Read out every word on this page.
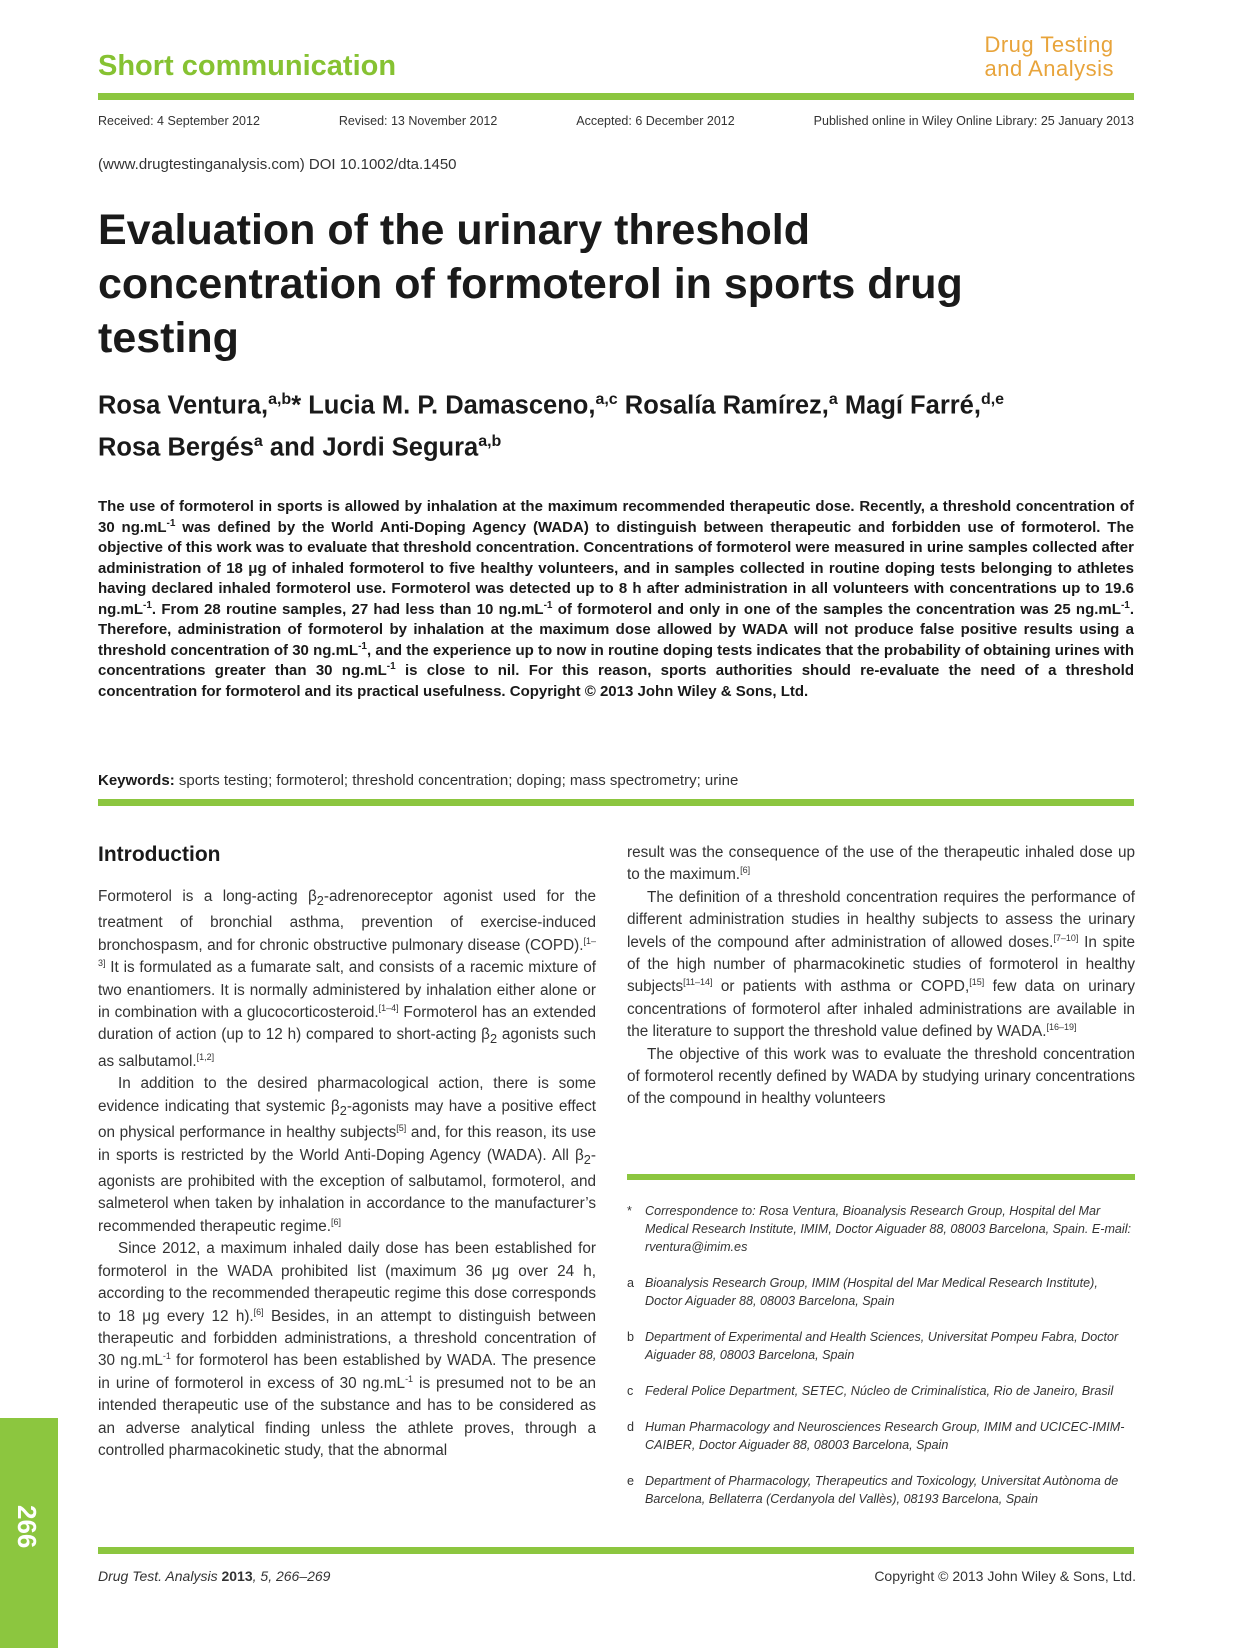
Short communication
Drug Testing
and Analysis
Received: 4 September 2012	Revised: 13 November 2012	Accepted: 6 December 2012	Published online in Wiley Online Library: 25 January 2013
(www.drugtestinganalysis.com) DOI 10.1002/dta.1450
Evaluation of the urinary threshold concentration of formoterol in sports drug testing
Rosa Ventura,$^{a,b}$* Lucia M. P. Damasceno,$^{a,c}$ Rosalía Ramírez,$^a$ Magí Farré,$^{d,e}$
Rosa Bergés$^a$ and Jordi Segura$^{a,b}$
The use of formoterol in sports is allowed by inhalation at the maximum recommended therapeutic dose. Recently, a threshold concentration of 30 $ng.mL^{-1}$ was defined by the World Anti-Doping Agency (WADA) to distinguish between therapeutic and forbidden use of formoterol. The objective of this work was to evaluate that threshold concentration. Concentrations of formoterol were measured in urine samples collected after administration of 18 μg of inhaled formoterol to five healthy volunteers, and in samples collected in routine doping tests belonging to athletes having declared inhaled formoterol use. Formoterol was detected up to 8 h after administration in all volunteers with concentrations up to 19.6 $ng.mL^{-1}$. From 28 routine samples, 27 had less than 10 $ng.mL^{-1}$ of formoterol and only in one of the samples the concentration was 25 $ng.mL^{-1}$. Therefore, administration of formoterol by inhalation at the maximum dose allowed by WADA will not produce false positive results using a threshold concentration of 30 $ng.mL^{-1}$, and the experience up to now in routine doping tests indicates that the probability of obtaining urines with concentrations greater than 30 $ng.mL^{-1}$ is close to nil. For this reason, sports authorities should re-evaluate the need of a threshold concentration for formoterol and its practical usefulness. Copyright © 2013 John Wiley & Sons, Ltd.
Keywords: sports testing; formoterol; threshold concentration; doping; mass spectrometry; urine
Introduction

Formoterol is a long-acting $\beta_2$-adrenoreceptor agonist used for the treatment of bronchial asthma, prevention of exercise-induced bronchospasm, and for chronic obstructive pulmonary disease (COPD).[1–3] It is formulated as a fumarate salt, and consists of a racemic mixture of two enantiomers. It is normally administered by inhalation either alone or in combination with a glucocorticosteroid.[1–4] Formoterol has an extended duration of action (up to 12 h) compared to short-acting $\beta_2$ agonists such as salbutamol.[1,2]

In addition to the desired pharmacological action, there is some evidence indicating that systemic $\beta_2$-agonists may have a positive effect on physical performance in healthy subjects[5] and, for this reason, its use in sports is restricted by the World Anti-Doping Agency (WADA). All $\beta_2$-agonists are prohibited with the exception of salbutamol, formoterol, and salmeterol when taken by inhalation in accordance to the manufacturer’s recommended therapeutic regime.[6]

Since 2012, a maximum inhaled daily dose has been established for formoterol in the WADA prohibited list (maximum 36 μg over 24 h, according to the recommended therapeutic regime this dose corresponds to 18 μg every 12 h).[6] Besides, in an attempt to distinguish between therapeutic and forbidden administrations, a threshold concentration of 30 $ng.mL^{-1}$ for formoterol has been established by WADA. The presence in urine of formoterol in excess of 30 $ng.mL^{-1}$ is presumed not to be an intended therapeutic use of the substance and has to be considered as an adverse analytical finding unless the athlete proves, through a controlled pharmacokinetic study, that the abnormal

result was the consequence of the use of the therapeutic inhaled dose up to the maximum.[6]

The definition of a threshold concentration requires the performance of different administration studies in healthy subjects to assess the urinary levels of the compound after administration of allowed doses.[7–10] In spite of the high number of pharmacokinetic studies of formoterol in healthy subjects[11–14] or patients with asthma or COPD,[15] few data on urinary concentrations of formoterol after inhaled administrations are available in the literature to support the threshold value defined by WADA.[16–19]

The objective of this work was to evaluate the threshold concentration of formoterol recently defined by WADA by studying urinary concentrations of the compound in healthy volunteers

*	Correspondence to: Rosa Ventura, Bioanalysis Research Group, Hospital del Mar Medical Research Institute, IMIM, Doctor Aiguader 88, 08003 Barcelona, Spain. E-mail: rventura@imim.es
a Bioanalysis Research Group, IMIM (Hospital del Mar Medical Research Institute), Doctor Aiguader 88, 08003 Barcelona, Spain
b Department of Experimental and Health Sciences, Universitat Pompeu Fabra, Doctor Aiguader 88, 08003 Barcelona, Spain
c Federal Police Department, SETEC, Núcleo de Criminalística, Rio de Janeiro, Brasil
d Human Pharmacology and Neurosciences Research Group, IMIM and UCICEC-IMIM-CAIBER, Doctor Aiguader 88, 08003 Barcelona, Spain
e Department of Pharmacology, Therapeutics and Toxicology, Universitat Autònoma de Barcelona, Bellaterra (Cerdanyola del Vallès), 08193 Barcelona, Spain
266
Drug Test. Analysis 2013, 5, 266–269	Copyright © 2013 John Wiley & Sons, Ltd.
